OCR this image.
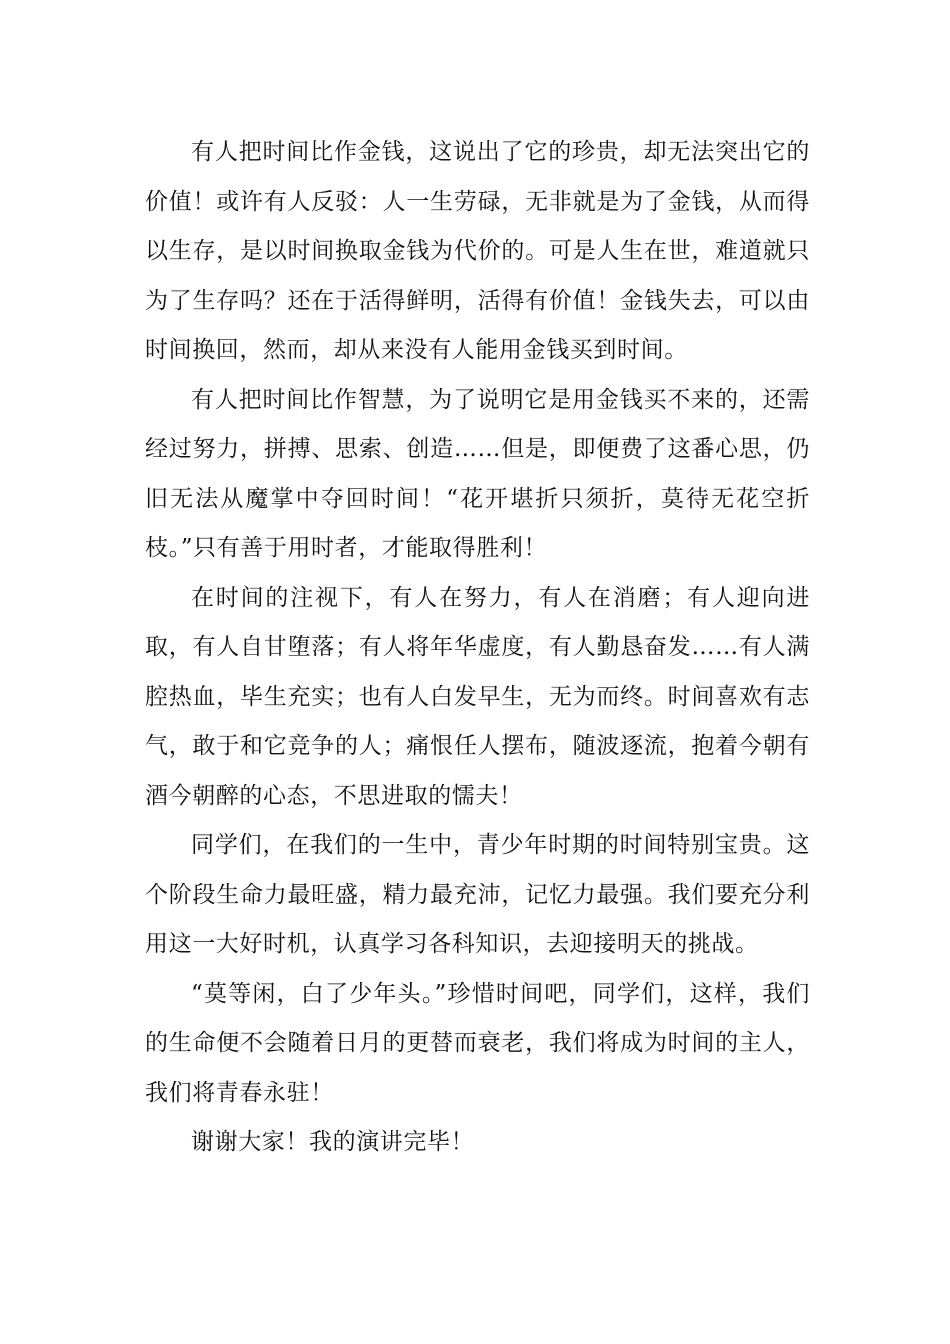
有人把时间比作金钱，这说出了它的珍贵，却无法突出它的价值！或许有人反驳：人一生劳碌，无非就是为了金钱，从而得以生存，是以时间换取金钱为代价的。可是人生在世，难道就只为了生存吗？还在于活得鲜明，活得有价值！金钱失去，可以由时间换回，然而，却从来没有人能用金钱买到时间。

有人把时间比作智慧，为了说明它是用金钱买不来的，还需经过努力，拼搏、思索、创造……但是，即便费了这番心思，仍旧无法从魔掌中夺回时间！“花开堪折只须折，莫待无花空折枝。”只有善于用时者，才能取得胜利！

在时间的注视下，有人在努力，有人在消磨；有人迎向进取，有人自甘堕落；有人将年华虚度，有人勤恳奋发……有人满腔热血，毕生充实；也有人白发早生，无为而终。时间喜欢有志气，敢于和它竞争的人；痛恨任人摆布，随波逐流，抱着今朝有酒今朝醉的心态，不思进取的懦夫！

同学们，在我们的一生中，青少年时期的时间特别宝贵。这个阶段生命力最旺盛，精力最充沛，记忆力最强。我们要充分利用这一大好时机，认真学习各科知识，去迎接明天的挑战。

“莫等闲，白了少年头。”珍惜时间吧，同学们，这样，我们的生命便不会随着日月的更替而衰老，我们将成为时间的主人，我们将青春永驻！

谢谢大家！我的演讲完毕！
